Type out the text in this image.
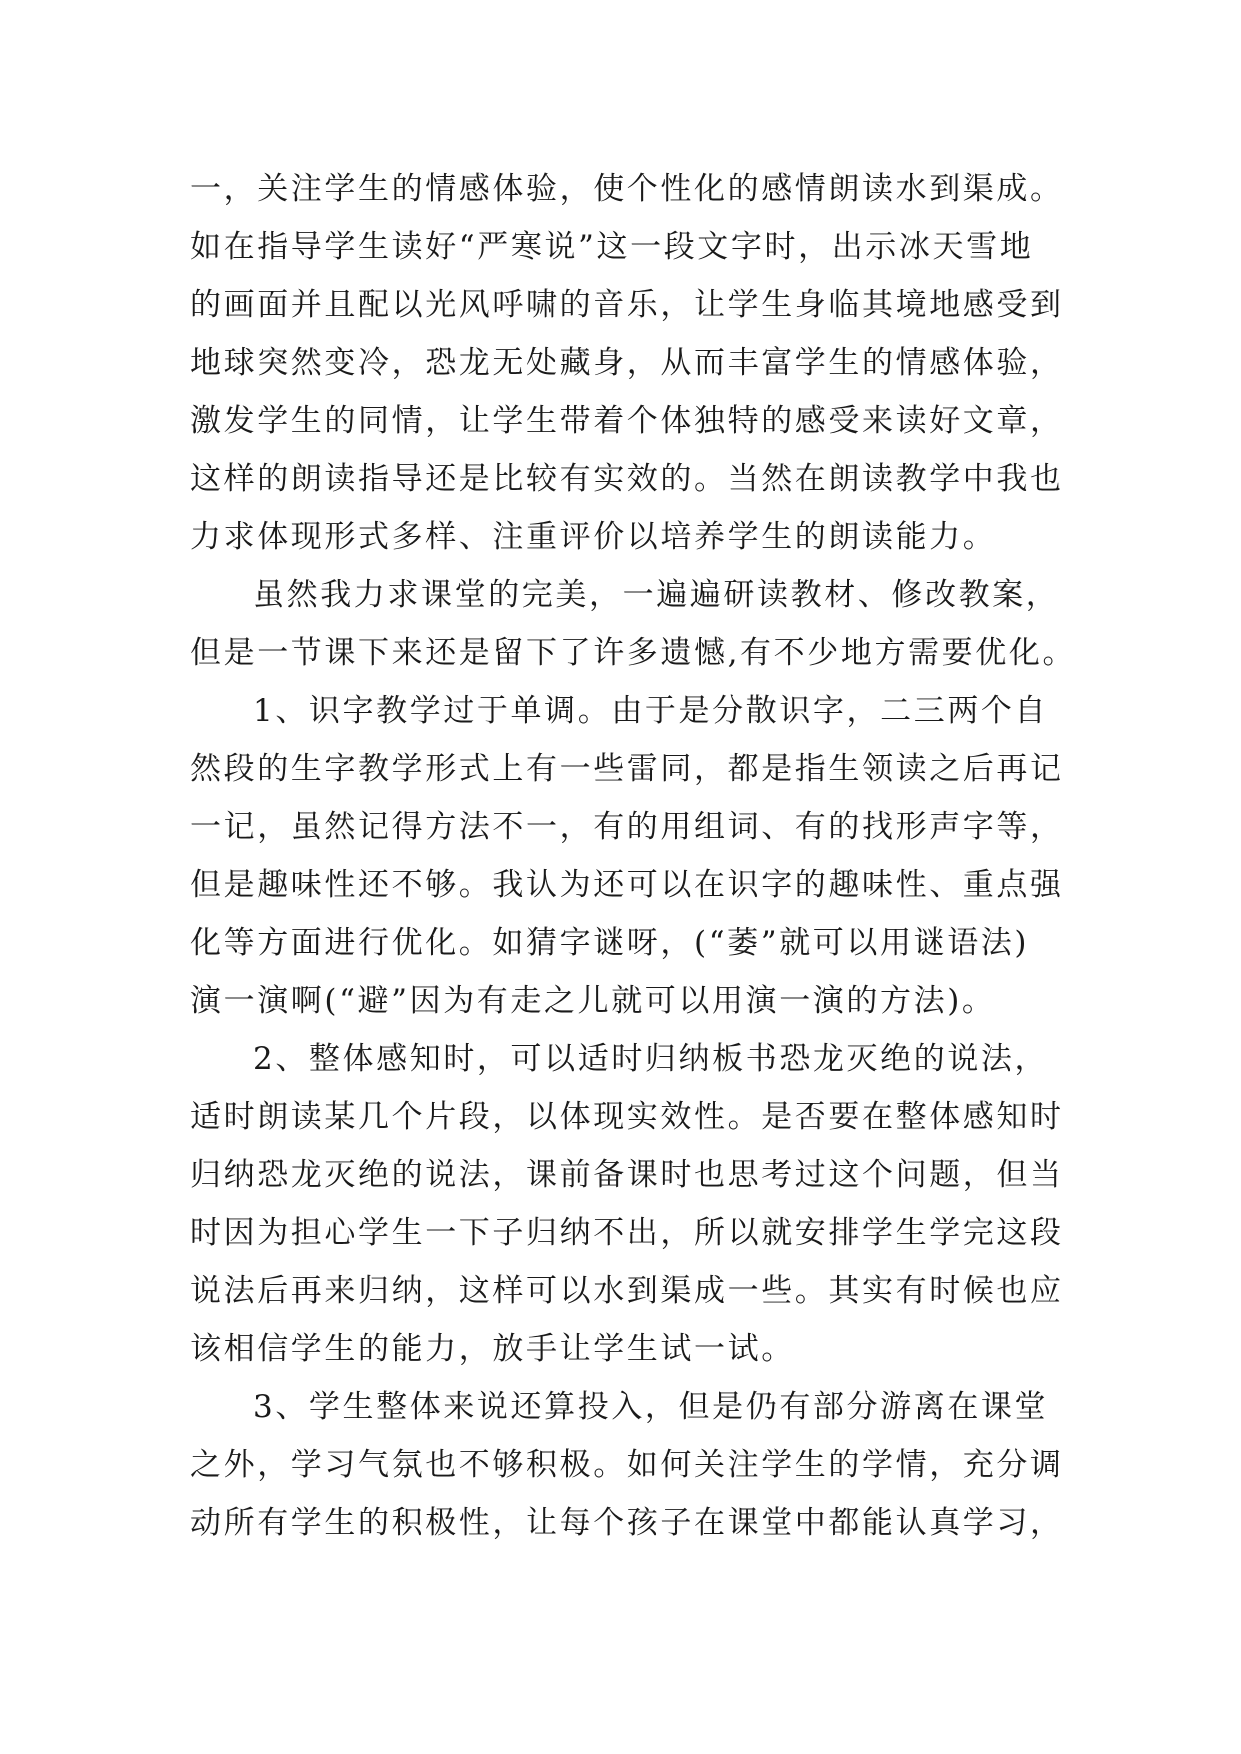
一，关注学生的情感体验，使个性化的感情朗读水到渠成。
如在指导学生读好“严寒说”这一段文字时，出示冰天雪地
的画面并且配以光风呼啸的音乐，让学生身临其境地感受到
地球突然变冷，恐龙无处藏身，从而丰富学生的情感体验，
激发学生的同情，让学生带着个体独特的感受来读好文章，
这样的朗读指导还是比较有实效的。当然在朗读教学中我也
力求体现形式多样、注重评价以培养学生的朗读能力。
虽然我力求课堂的完美，一遍遍研读教材、修改教案，
但是一节课下来还是留下了许多遗憾,有不少地方需要优化。
1、识字教学过于单调。由于是分散识字，二三两个自
然段的生字教学形式上有一些雷同，都是指生领读之后再记
一记，虽然记得方法不一，有的用组词、有的找形声字等，
但是趣味性还不够。我认为还可以在识字的趣味性、重点强
化等方面进行优化。如猜字谜呀，(“萎”就可以用谜语法)
演一演啊(“避”因为有走之儿就可以用演一演的方法)。
2、整体感知时，可以适时归纳板书恐龙灭绝的说法，
适时朗读某几个片段，以体现实效性。是否要在整体感知时
归纳恐龙灭绝的说法，课前备课时也思考过这个问题，但当
时因为担心学生一下子归纳不出，所以就安排学生学完这段
说法后再来归纳，这样可以水到渠成一些。其实有时候也应
该相信学生的能力，放手让学生试一试。
3、学生整体来说还算投入，但是仍有部分游离在课堂
之外，学习气氛也不够积极。如何关注学生的学情，充分调
动所有学生的积极性，让每个孩子在课堂中都能认真学习，
